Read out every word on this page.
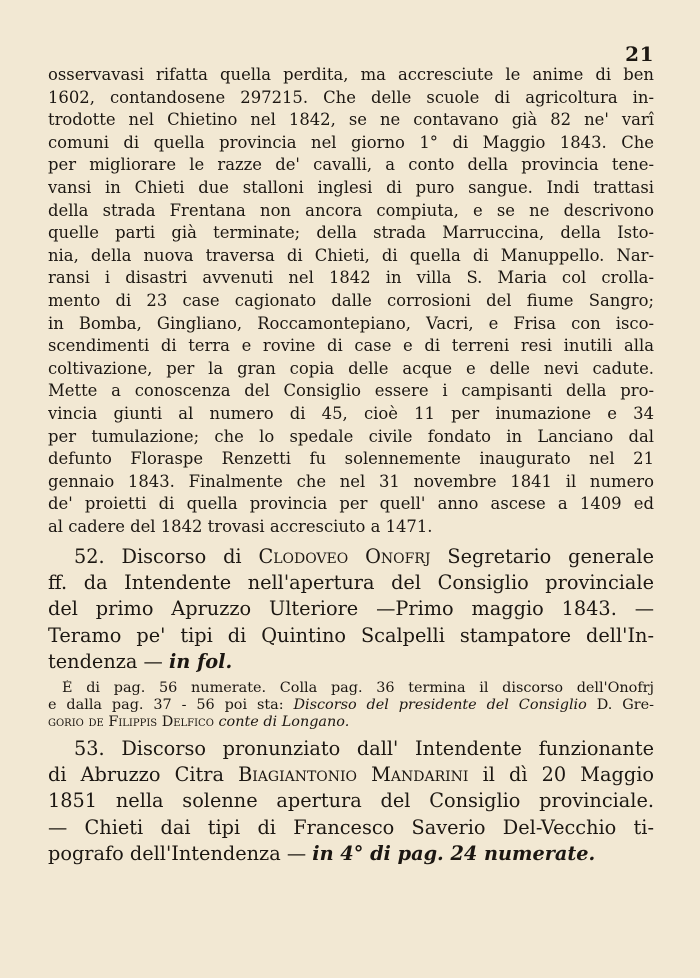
21
osservavasi rifatta quella perdita, ma accresciute le anime di ben
1602, contandosene 297215. Che delle scuole di agricoltura in-
trodotte nel Chietino nel 1842, se ne contavano già 82 ne' varî
comuni di quella provincia nel giorno 1° di Maggio 1843. Che
per migliorare le razze de' cavalli, a conto della provincia tene-
vansi in Chieti due stalloni inglesi di puro sangue. Indi trattasi
della strada Frentana non ancora compiuta, e se ne descrivono
quelle parti già terminate; della strada Marruccina, della Isto-
nia, della nuova traversa di Chieti, di quella di Manuppello. Nar-
ransi i disastri avvenuti nel 1842 in villa S. Maria col crolla-
mento di 23 case cagionato dalle corrosioni del fiume Sangro;
in Bomba, Gingliano, Roccamontepiano, Vacri, e Frisa con isco-
scendimenti di terra e rovine di case e di terreni resi inutili alla
coltivazione, per la gran copia delle acque e delle nevi cadute.
Mette a conoscenza del Consiglio essere i campisanti della pro-
vincia giunti al numero di 45, cioè 11 per inumazione e 34
per tumulazione; che lo spedale civile fondato in Lanciano dal
defunto Floraspe Renzetti fu solennemente inaugurato nel 21
gennaio 1843. Finalmente che nel 31 novembre 1841 il numero
de' proietti di quella provincia per quell' anno ascese a 1409 ed
al cadere del 1842 trovasi accresciuto a 1471.
52. Discorso di Clodoveo Onofrj Segretario generale
ff. da Intendente nell'apertura del Consiglio provinciale
del primo Apruzzo Ulteriore —Primo maggio 1843. —
Teramo pe' tipi di Quintino Scalpelli stampatore dell'In-
tendenza — in fol.
È di pag. 56 numerate. Colla pag. 36 termina il discorso dell'Onofrj
e dalla pag. 37 - 56 poi sta: Discorso del presidente del Consiglio D. Gre-
gorio de Filippis Delfico conte di Longano.
53. Discorso pronunziato dall' Intendente funzionante
di Abruzzo Citra Biagiantonio Mandarini il dì 20 Maggio
1851 nella solenne apertura del Consiglio provinciale.
— Chieti dai tipi di Francesco Saverio Del-Vecchio ti-
pografo dell'Intendenza — in 4° di pag. 24 numerate.
